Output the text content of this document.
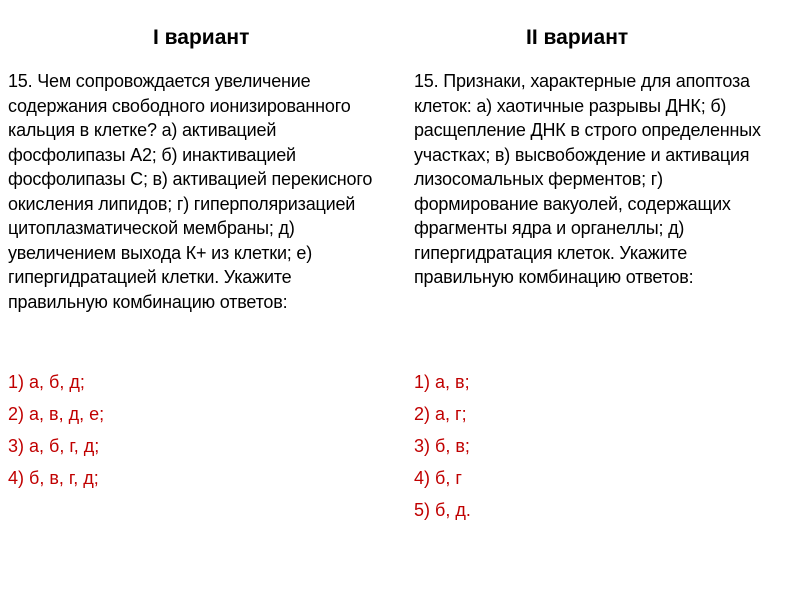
I вариант

15. Чем сопровождается увеличение содержания свободного ионизированного кальция в клетке? а) активацией фосфолипазы А2; б) инактивацией фосфолипазы С; в) активацией перекисного окисления липидов; г) гиперполяризацией цитоплазматической мембраны; д) увеличением выхода К+ из клетки; е) гипергидратацией клетки. Укажите правильную комбинацию ответов:

1) а, б, д;
2) а, в, д, е;
3) а, б, г, д;
4) б, в, г, д;
II вариант

15. Признаки, характерные для апоптоза клеток: а) хаотичные разрывы ДНК; б) расщепление ДНК в строго определенных участках; в) высвобождение и активация лизосомальных ферментов; г) формирование вакуолей, содержащих фрагменты ядра и органеллы; д) гипергидратация клеток. Укажите правильную комбинацию ответов:

1) а, в;
2) а, г;
3) б, в;
4) б, г
5) б, д.
